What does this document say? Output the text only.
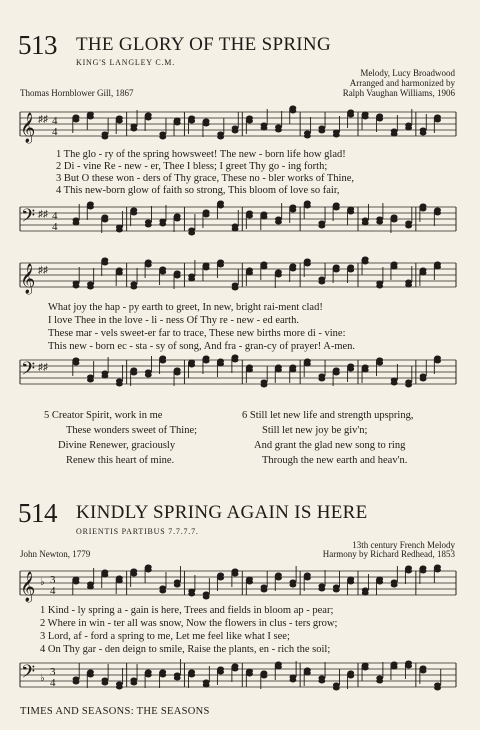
513 THE GLORY OF THE SPRING
KING'S LANGLEY C.M.
Melody, Lucy Broadwood
Arranged and harmonized by
Ralph Vaughan Williams, 1906
Thomas Hornblower Gill, 1867
𝄞 ♯♯ 4
4
1 The glo - ry of the spring howsweet! The new - born life how glad!
2 Di - vine Re - new - er, Thee I bless; I greet Thy go - ing forth;
3 But O these won - ders of Thy grace, These no - bler works of Thine,
4 This new-born glow of faith so strong, This bloom of love so fair,
𝄢 ♯♯ 4
4
𝄞 ♯♯
What joy the hap - py earth to greet, In new, bright rai-ment clad!
I love Thee in the love - li - ness Of Thy re - new - ed earth.
These mar - vels sweet-er far to trace, These new births more di - vine:
This new - born ec - sta - sy of song, And fra - gran-cy of prayer! A-men.
𝄢 ♯♯
5 Creator Spirit, work in me
These wonders sweet of Thine;
Divine Renewer, graciously
Renew this heart of mine.
6 Still let new life and strength upspring,
Still let new joy be giv'n;
And grant the glad new song to ring
Through the new earth and heav'n.
514 KINDLY SPRING AGAIN IS HERE
ORIENTIS PARTIBUS 7.7.7.7.
13th century French Melody
John Newton, 1779	Harmony by Richard Redhead, 1853
𝄞 ♭ 3
4
1 Kind - ly spring a - gain is here, Trees and fields in bloom ap - pear;
2 Where in win - ter all was snow, Now the flowers in clus - ters grow;
3 Lord, af - ford a spring to me, Let me feel like what I see;
4 On Thy gar - den deign to smile, Raise the plants, en - rich the soil;
𝄢 ♭
3
4
TIMES AND SEASONS: THE SEASONS
